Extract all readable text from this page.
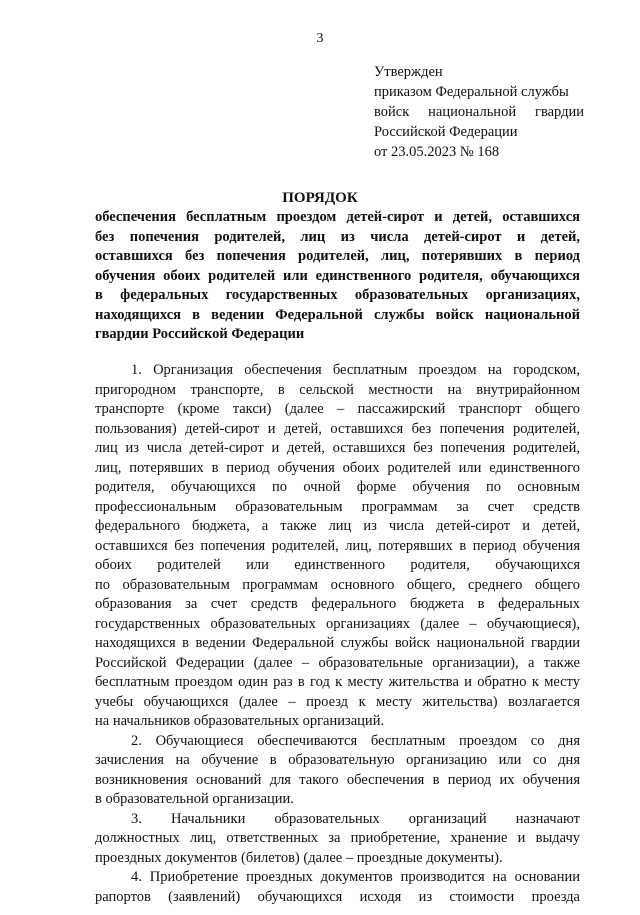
3
Утвержден
приказом Федеральной службы
войск национальной гвардии
Российской Федерации
от 23.05.2023 № 168
ПОРЯДОК
обеспечения бесплатным проездом детей-сирот и детей, оставшихся
без попечения родителей, лиц из числа детей-сирот и детей,
оставшихся без попечения родителей, лиц, потерявших в период
обучения обоих родителей или единственного родителя, обучающихся
в федеральных государственных образовательных организациях,
находящихся в ведении Федеральной службы войск национальной
гвардии Российской Федерации
1. Организация обеспечения бесплатным проездом на городском,
пригородном транспорте, в сельской местности на внутрирайонном
транспорте (кроме такси) (далее – пассажирский транспорт общего
пользования) детей-сирот и детей, оставшихся без попечения родителей,
лиц из числа детей-сирот и детей, оставшихся без попечения родителей,
лиц, потерявших в период обучения обоих родителей или единственного
родителя, обучающихся по очной форме обучения по основным
профессиональным образовательным программам за счет средств
федерального бюджета, а также лиц из числа детей-сирот и детей,
оставшихся без попечения родителей, лиц, потерявших в период обучения
обоих родителей или единственного родителя, обучающихся
по образовательным программам основного общего, среднего общего
образования за счет средств федерального бюджета в федеральных
государственных образовательных организациях (далее – обучающиеся),
находящихся в ведении Федеральной службы войск национальной гвардии
Российской Федерации (далее – образовательные организации), а также
бесплатным проездом один раз в год к месту жительства и обратно к месту
учебы обучающихся (далее – проезд к месту жительства) возлагается
на начальников образовательных организаций.
2. Обучающиеся обеспечиваются бесплатным проездом со дня
зачисления на обучение в образовательную организацию или со дня
возникновения оснований для такого обеспечения в период их обучения
в образовательной организации.
3. Начальники образовательных организаций назначают
должностных лиц, ответственных за приобретение, хранение и выдачу
проездных документов (билетов) (далее – проездные документы).
4. Приобретение проездных документов производится на основании
рапортов (заявлений) обучающихся исходя из стоимости проезда
